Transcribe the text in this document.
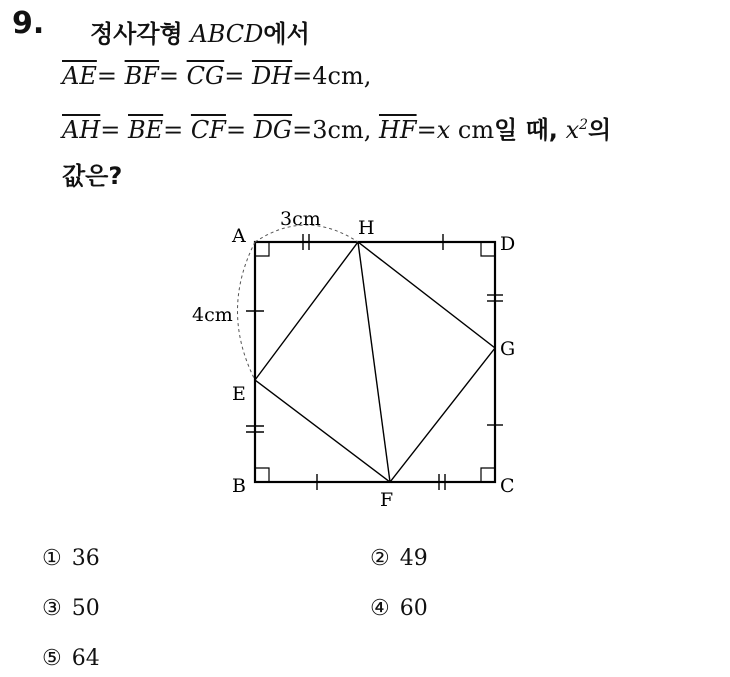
9. 정사각형 ABCD에서
$\overline{AE}= \overline{BF}= \overline{CG}= \overline{DH}=4cm$,
$\overline{AH}= \overline{BE}= \overline{CF}= \overline{DG}=3cm$, $\overline{HF}=x$ cm일 때, $x^2$의
값은?
A
B	C
D
E
F
G
H
3cm
4cm
① 36	② 49
③ 50	④ 60
⑤ 64
